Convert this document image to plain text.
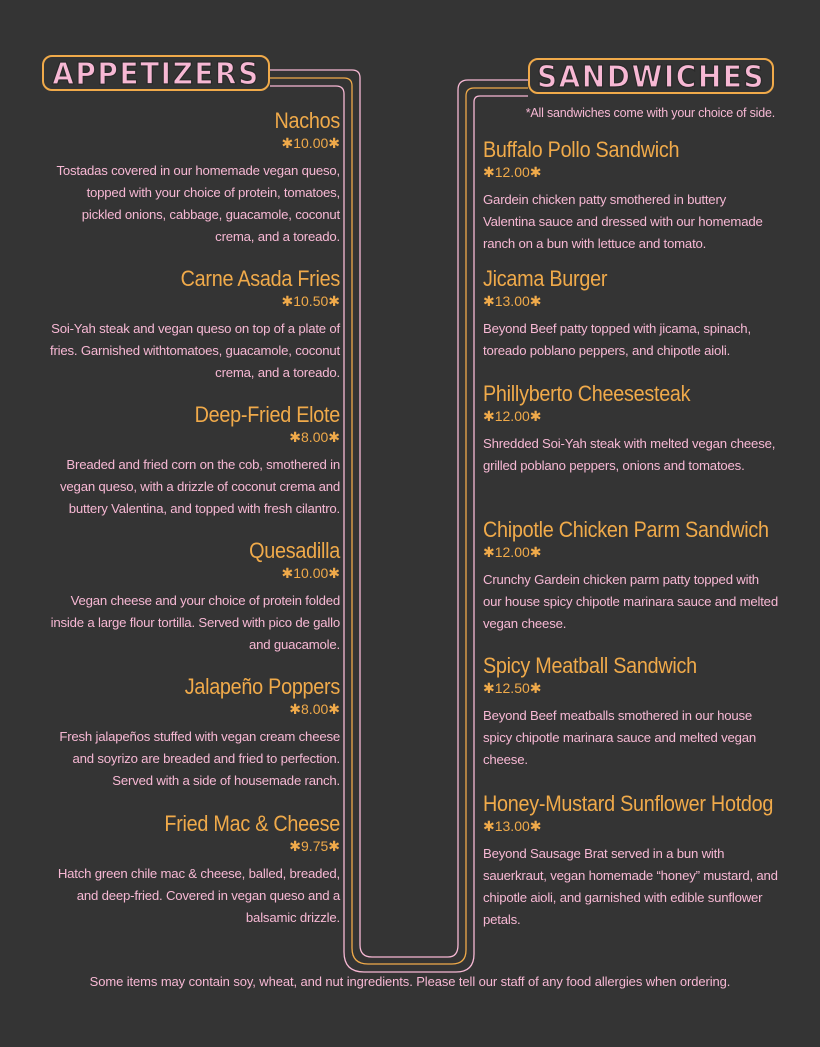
APPETIZERS	SANDWICHES
*All sandwiches come with your choice of side.
Nachos
✱10.00✱
Tostadas covered in our homemade vegan queso, topped with your choice of protein, tomatoes, pickled onions, cabbage, guacamole, coconut crema, and a toreado.
Carne Asada Fries
✱10.50✱
Soi-Yah steak and vegan queso on top of a plate of fries. Garnished withtomatoes, guacamole, coconut crema, and a toreado.
Deep-Fried Elote
✱8.00✱
Breaded and fried corn on the cob, smothered in vegan queso, with a drizzle of coconut crema and buttery Valentina, and topped with fresh cilantro.
Quesadilla
✱10.00✱
Vegan cheese and your choice of protein folded inside a large flour tortilla. Served with pico de gallo and guacamole.
Jalapeño Poppers
✱8.00✱
Fresh jalapeños stuffed with vegan cream cheese and soyrizo are breaded and fried to perfection. Served with a side of housemade ranch.
Fried Mac & Cheese
✱9.75✱
Hatch green chile mac & cheese, balled, breaded, and deep-fried. Covered in vegan queso and a balsamic drizzle.
Buffalo Pollo Sandwich
✱12.00✱
Gardein chicken patty smothered in buttery Valentina sauce and dressed with our homemade ranch on a bun with lettuce and tomato.
Jicama Burger
✱13.00✱
Beyond Beef patty topped with jicama, spinach, toreado poblano peppers, and chipotle aioli.
Phillyberto Cheesesteak
✱12.00✱
Shredded Soi-Yah steak with melted vegan cheese, grilled poblano peppers, onions and tomatoes.
Chipotle Chicken Parm Sandwich
✱12.00✱
Crunchy Gardein chicken parm patty topped with our house spicy chipotle marinara sauce and melted vegan cheese.
Spicy Meatball Sandwich
✱12.50✱
Beyond Beef meatballs smothered in our house spicy chipotle marinara sauce and melted vegan cheese.
Honey-Mustard Sunflower Hotdog
✱13.00✱
Beyond Sausage Brat served in a bun with sauerkraut, vegan homemade “honey” mustard, and chipotle aioli, and garnished with edible sunflower petals.
Some items may contain soy, wheat, and nut ingredients. Please tell our staff of any food allergies when ordering.
